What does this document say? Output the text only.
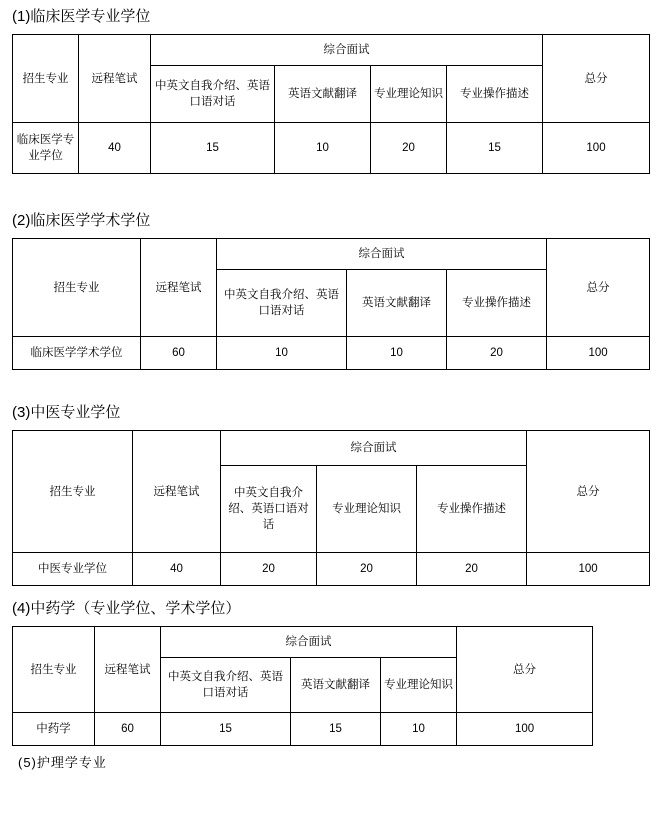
(1)临床医学专业学位
招生专业	远程笔试	综合面试				总分
		中英文自我介绍、英语口语对话	英语文献翻译	专业理论知识	专业操作描述	
临床医学专业学位	40	15	10	20	15	100
(2)临床医学学术学位
招生专业	远程笔试	综合面试			总分
		中英文自我介绍、英语口语对话	英语文献翻译	专业操作描述	
临床医学学术学位	60	10	10	20	100
(3)中医专业学位
招生专业	远程笔试	综合面试			总分
		中英文自我介绍、英语口语对话	专业理论知识	专业操作描述	
中医专业学位	40	20	20	20	100
(4)中药学（专业学位、学术学位）
招生专业	远程笔试	综合面试			总分
		中英文自我介绍、英语口语对话	英语文献翻译	专业理论知识	
中药学	60	15	15	10	100
(5)护理学专业
